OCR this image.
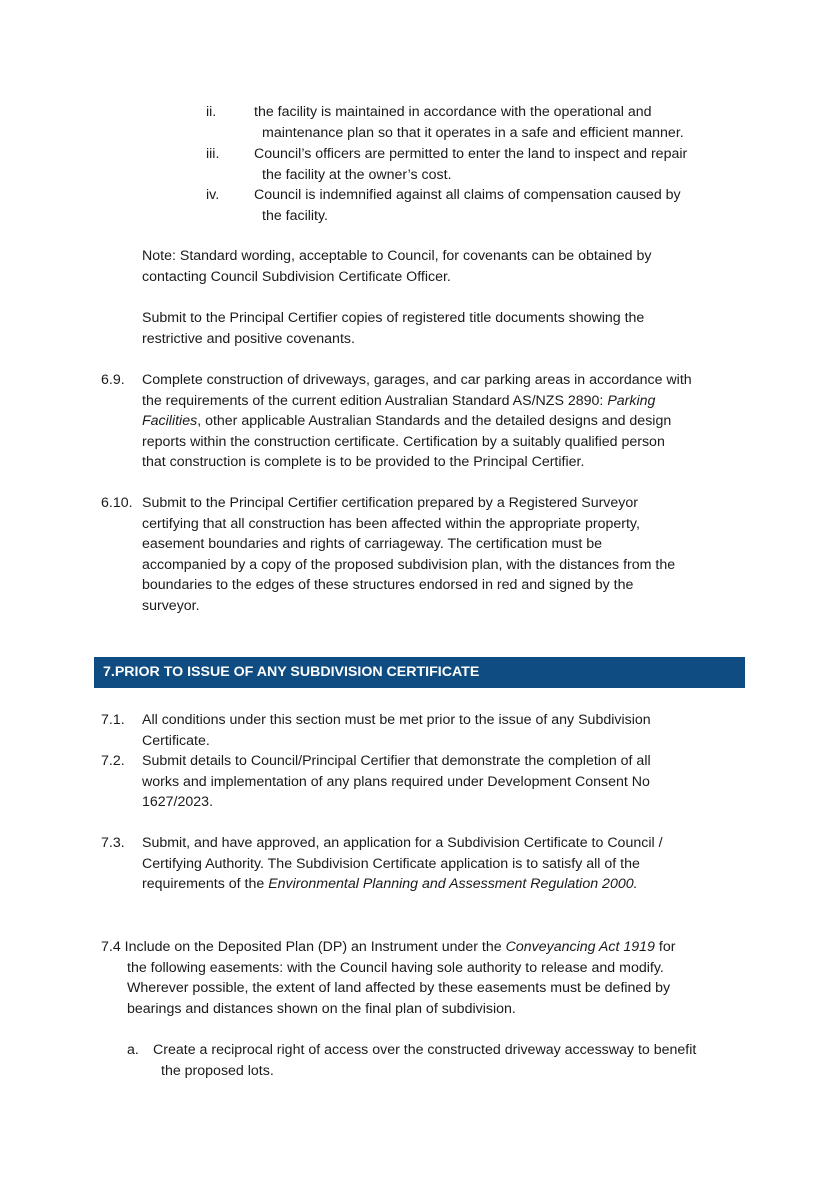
ii.	the facility is maintained in accordance with the operational and
maintenance plan so that it operates in a safe and efficient manner.
iii. Council’s officers are permitted to enter the land to inspect and repair
the facility at the owner’s cost.
iv. Council is indemnified against all claims of compensation caused by
the facility.
Note: Standard wording, acceptable to Council, for covenants can be obtained by
contacting Council Subdivision Certificate Officer.
Submit to the Principal Certifier copies of registered title documents showing the
restrictive and positive covenants.
6.9. Complete construction of driveways, garages, and car parking areas in accordance with
the requirements of the current edition Australian Standard AS/NZS 2890: Parking
Facilities, other applicable Australian Standards and the detailed designs and design
reports within the construction certificate. Certification by a suitably qualified person
that construction is complete is to be provided to the Principal Certifier.
6.10. Submit to the Principal Certifier certification prepared by a Registered Surveyor
certifying that all construction has been affected within the appropriate property,
easement boundaries and rights of carriageway. The certification must be
accompanied by a copy of the proposed subdivision plan, with the distances from the
boundaries to the edges of these structures endorsed in red and signed by the
surveyor.
7.PRIOR TO ISSUE OF ANY SUBDIVISION CERTIFICATE
7.1. All conditions under this section must be met prior to the issue of any Subdivision
Certificate.
7.2. Submit details to Council/Principal Certifier that demonstrate the completion of all
works and implementation of any plans required under Development Consent No
1627/2023.
7.3. Submit, and have approved, an application for a Subdivision Certificate to Council /
Certifying Authority. The Subdivision Certificate application is to satisfy all of the
requirements of the Environmental Planning and Assessment Regulation 2000.
7.4 Include on the Deposited Plan (DP) an Instrument under the Conveyancing Act 1919 for
the following easements: with the Council having sole authority to release and modify.
Wherever possible, the extent of land affected by these easements must be defined by
bearings and distances shown on the final plan of subdivision.
a. Create a reciprocal right of access over the constructed driveway accessway to benefit
the proposed lots.
